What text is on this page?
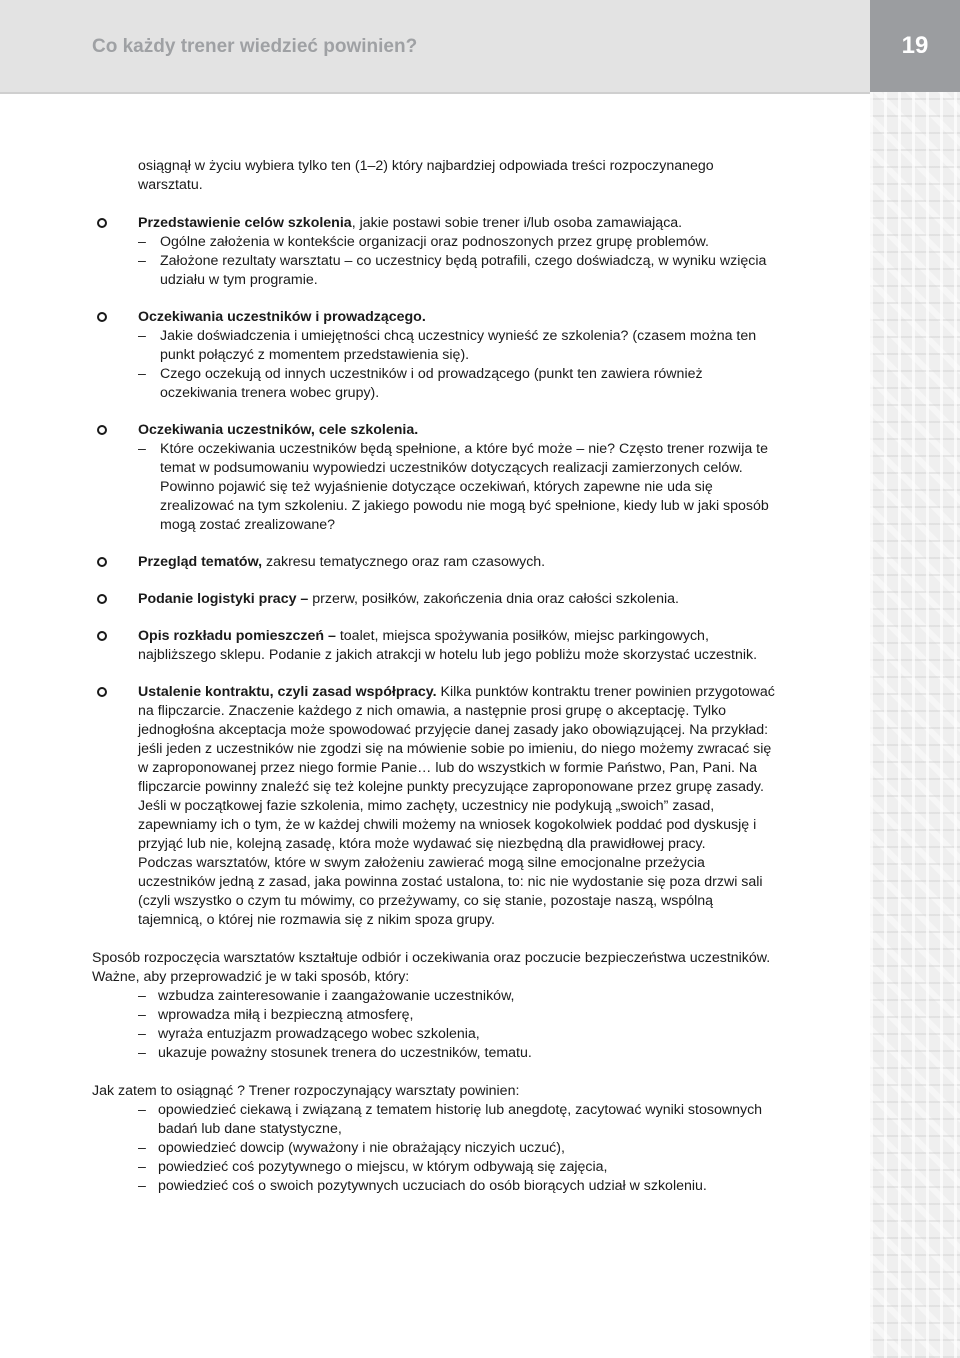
Co każdy trener wiedzieć powinien?	19

osiągnął w życiu wybiera tylko ten (1–2) który najbardziej odpowiada treści rozpoczynanego warsztatu.

Przedstawienie celów szkolenia, jakie postawi sobie trener i/lub osoba zamawiająca.

– Ogólne założenia w kontekście organizacji oraz podnoszonych przez grupę problemów.
– Założone rezultaty warsztatu – co uczestnicy będą potrafili, czego doświadczą, w wyniku wzięcia udziału w tym programie.

Oczekiwania uczestników i prowadzącego.

– Jakie doświadczenia i umiejętności chcą uczestnicy wynieść ze szkolenia? (czasem można ten punkt połączyć z momentem przedstawienia się).
– Czego oczekują od innych uczestników i od prowadzącego (punkt ten zawiera również oczekiwania trenera wobec grupy).

Oczekiwania uczestników, cele szkolenia.

– Które oczekiwania uczestników będą spełnione, a które być może – nie? Często trener rozwija te temat w podsumowaniu wypowiedzi uczestników dotyczących realizacji zamierzonych celów. Powinno pojawić się też wyjaśnienie dotyczące oczekiwań, których zapewne nie uda się zrealizować na tym szkoleniu. Z jakiego powodu nie mogą być spełnione, kiedy lub w jaki sposób mogą zostać zrealizowane?

Przegląd tematów, zakresu tematycznego oraz ram czasowych.

Podanie logistyki pracy – przerw, posiłków, zakończenia dnia oraz całości szkolenia.

Opis rozkładu pomieszczeń – toalet, miejsca spożywania posiłków, miejsc parkingowych, najbliższego sklepu. Podanie z jakich atrakcji w hotelu lub jego pobliżu może skorzystać uczestnik.

Ustalenie kontraktu, czyli zasad współpracy. Kilka punktów kontraktu trener powinien przygotować na flipczarcie. Znaczenie każdego z nich omawia, a następnie prosi grupę o akceptację. Tylko jednogłośna akceptacja może spowodować przyjęcie danej zasady jako obowiązującej. Na przykład: jeśli jeden z uczestników nie zgodzi się na mówienie sobie po imieniu, do niego możemy zwracać się w zaproponowanej przez niego formie Panie… lub do wszystkich w formie Państwo, Pan, Pani. Na flipczarcie powinny znaleźć się też kolejne punkty precyzujące zaproponowane przez grupę zasady. Jeśli w początkowej fazie szkolenia, mimo zachęty, uczestnicy nie podykują „swoich” zasad, zapewniamy ich o tym, że w każdej chwili możemy na wniosek kogokolwiek poddać pod dyskusję i przyjąć lub nie, kolejną zasadę, która może wydawać się niezbędną dla prawidłowej pracy.

Podczas warsztatów, które w swym założeniu zawierać mogą silne emocjonalne przeżycia uczestników jedną z zasad, jaka powinna zostać ustalona, to: nic nie wydostanie się poza drzwi sali (czyli wszystko o czym tu mówimy, co przeżywamy, co się stanie, pozostaje naszą, wspólną tajemnicą, o której nie rozmawia się z nikim spoza grupy.

Sposób rozpoczęcia warsztatów kształtuje odbiór i oczekiwania oraz poczucie bezpieczeństwa uczestników. Ważne, aby przeprowadzić je w taki sposób, który:

– wzbudza zainteresowanie i zaangażowanie uczestników,
– wprowadza miłą i bezpieczną atmosferę,
– wyraża entuzjazm prowadzącego wobec szkolenia,
– ukazuje poważny stosunek trenera do uczestników, tematu.

Jak zatem to osiągnąć ? Trener rozpoczynający warsztaty powinien:

– opowiedzieć ciekawą i związaną z tematem historię lub anegdotę, zacytować wyniki stosownych badań lub dane statystyczne,
– opowiedzieć dowcip (wyważony i nie obrażający niczyich uczuć),
– powiedzieć coś pozytywnego o miejscu, w którym odbywają się zajęcia,
– powiedzieć coś o swoich pozytywnych uczuciach do osób biorących udział w szkoleniu.
